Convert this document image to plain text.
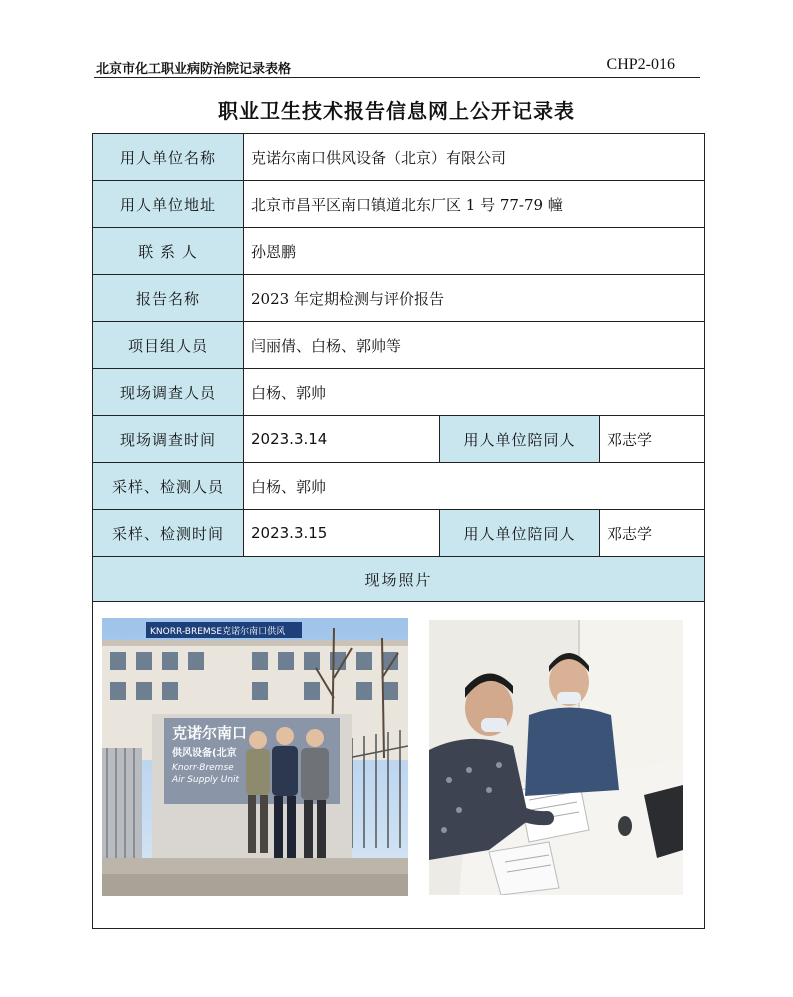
北京市化工职业病防治院记录表格	CHP2-016
职业卫生技术报告信息网上公开记录表
用人单位名称	克诺尔南口供风设备（北京）有限公司		
用人单位地址	北京市昌平区南口镇道北东厂区 1 号 77-79 幢		
联 系 人	孙恩鹏		
报告名称	2023 年定期检测与评价报告		
项目组人员	闫丽倩、白杨、郭帅等		
现场调查人员	白杨、郭帅		
现场调查时间	2023.3.14	用人单位陪同人	邓志学
采样、检测人员	白杨、郭帅		
采样、检测时间	2023.3.15	用人单位陪同人	邓志学
现场照片			

KNORR-BREMSE克诺尔南口供风
克诺尔南口
供风设备(北京
Knorr-Bremse
Air Supply Unit			
